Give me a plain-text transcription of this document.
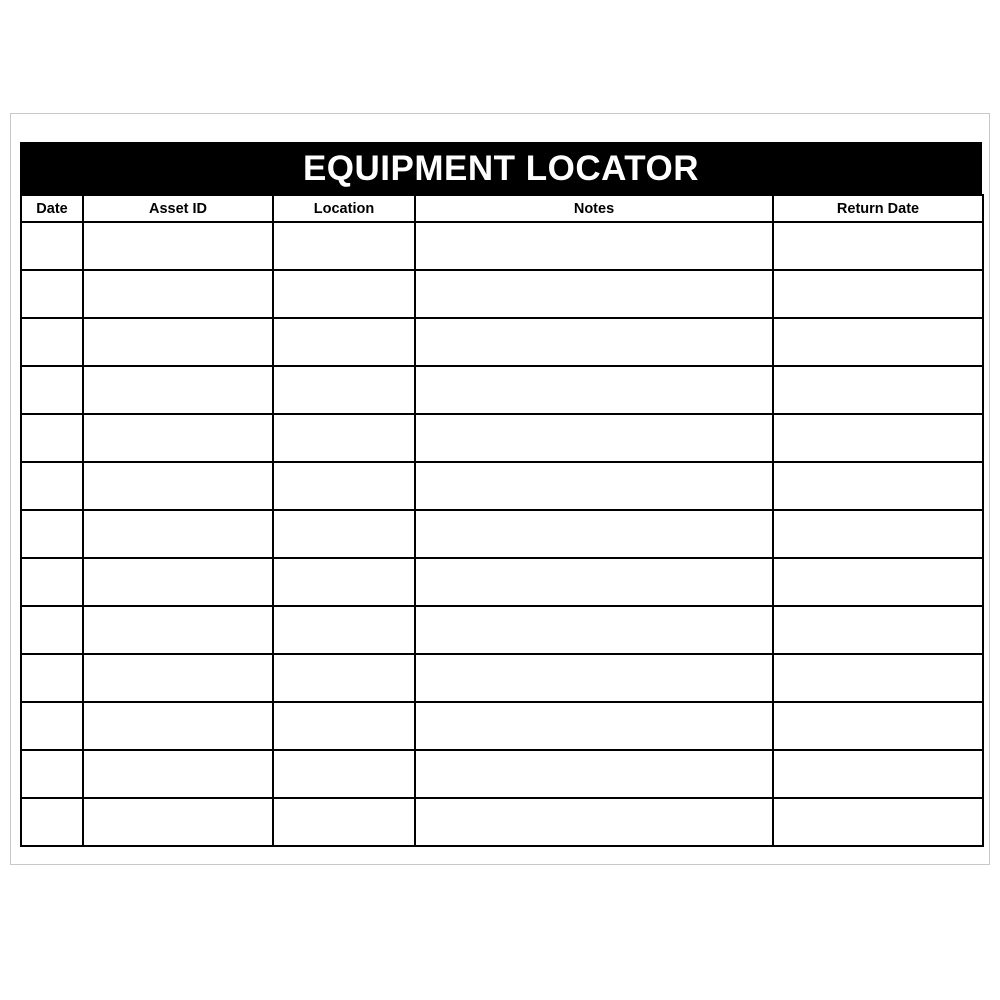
EQUIPMENT LOCATOR
Date	Asset ID	Location	Notes	Return Date
